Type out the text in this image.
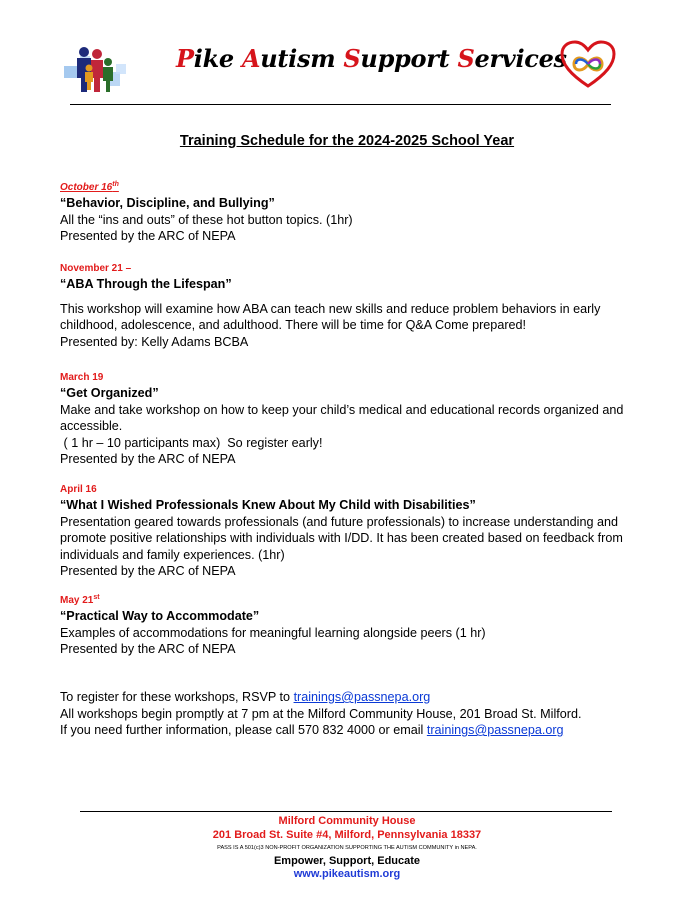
Pike Autism Support Services
Training Schedule for the 2024-2025 School Year
October 16th
“Behavior, Discipline, and Bullying”
All the “ins and outs” of these hot button topics. (1hr)
Presented by the ARC of NEPA
November 21 –
“ABA Through the Lifespan”
This workshop will examine how ABA can teach new skills and reduce problem behaviors in early childhood, adolescence, and adulthood. There will be time for Q&A Come prepared!
Presented by: Kelly Adams BCBA
March 19
“Get Organized”
Make and take workshop on how to keep your child’s medical and educational records organized and accessible.
( 1 hr – 10 participants max)  So register early!
Presented by the ARC of NEPA
April 16
“What I Wished Professionals Knew About My Child with Disabilities”
Presentation geared towards professionals (and future professionals) to increase understanding and promote positive relationships with individuals with I/DD. It has been created based on feedback from individuals and family experiences. (1hr)
Presented by the ARC of NEPA
May 21st
“Practical Way to Accommodate”
Examples of accommodations for meaningful learning alongside peers (1 hr)
Presented by the ARC of NEPA
To register for these workshops, RSVP to trainings@passnepa.org
All workshops begin promptly at 7 pm at the Milford Community House, 201 Broad St. Milford.
If you need further information, please call 570 832 4000 or email trainings@passnepa.org
Milford Community House
201 Broad St. Suite #4, Milford, Pennsylvania 18337
PASS IS A 501(c)3 NON-PROFIT ORGANIZATION SUPPORTING THE AUTISM COMMUNITY in NEPA.
Empower, Support, Educate
www.pikeautism.org
